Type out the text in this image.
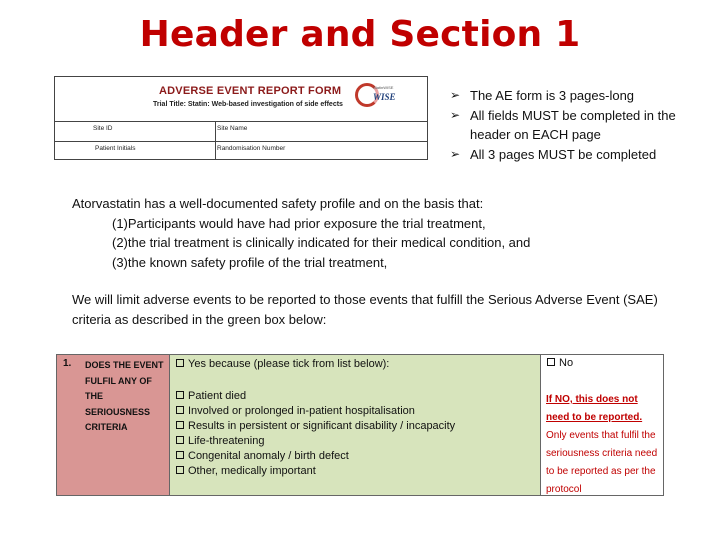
Header and Section 1
ADVERSE EVENT REPORT FORM
Trial Title: Statin: Web-based investigation of side effects
StatinWISE
WISE
Site ID	Site Name
Patient Initials	Randomisation Number
➢ The AE form is 3 pages-long
➢ All fields MUST be completed in the header on EACH page
➢ All 3 pages MUST be completed
Atorvastatin has a well-documented safety profile and on the basis that:
(1)Participants would have had prior exposure the trial treatment,
(2)the trial treatment is clinically indicated for their medical condition, and
(3)the known safety profile of the trial treatment,
We will limit adverse events to be reported to those events that fulfill the Serious Adverse Event (SAE) criteria as described in the green box below:
1. DOES THE EVENT FULFIL ANY OF THE SERIOUSNESS CRITERIA
Yes because (please tick from list below):
Patient died
Involved or prolonged in-patient hospitalisation
Results in persistent or significant disability / incapacity
Life-threatening
Congenital anomaly / birth defect
Other, medically important
No
If NO, this does not need to be reported. Only events that fulfil the seriousness criteria need to be reported as per the protocol
